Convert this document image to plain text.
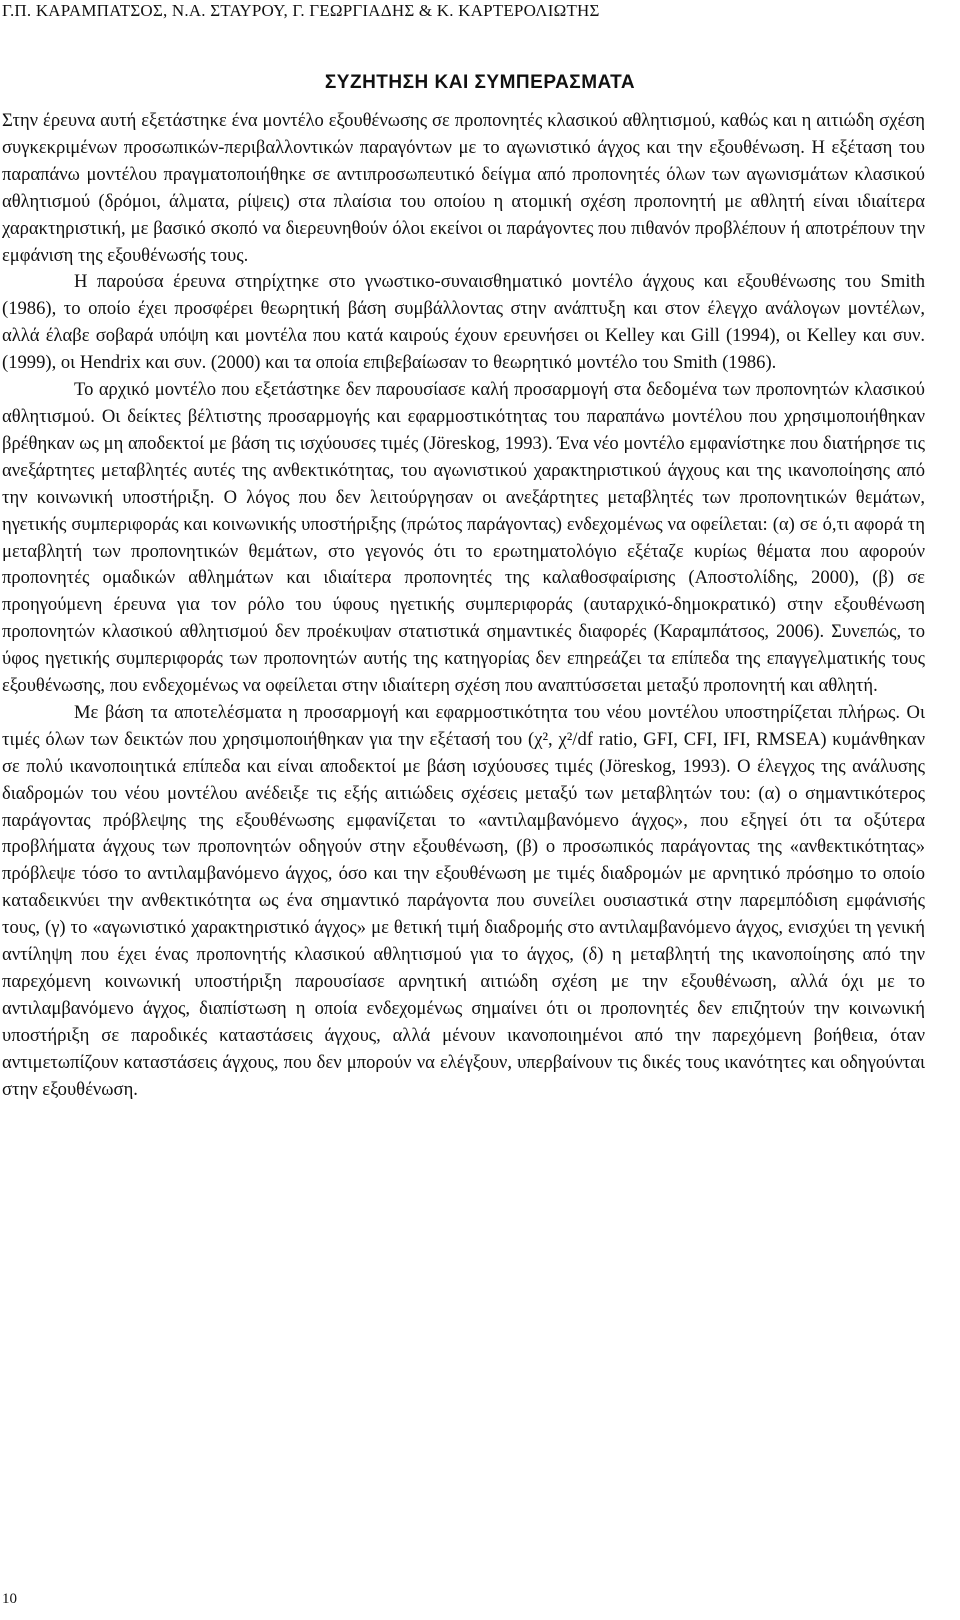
Γ.Π. ΚΑΡΑΜΠΑΤΣΟΣ, Ν.Α. ΣΤΑΥΡΟΥ, Γ. ΓΕΩΡΓΙΑΔΗΣ & Κ. ΚΑΡΤΕΡΟΛΙΩΤΗΣ
ΣΥΖΗΤΗΣΗ ΚΑΙ ΣΥΜΠΕΡΑΣΜΑΤΑ

Στην έρευνα αυτή εξετάστηκε ένα μοντέλο εξουθένωσης σε προπονητές κλασικού αθλητισμού, καθώς και η αιτιώδη σχέση συγκεκριμένων προσωπικών-περιβαλλοντικών παραγόντων με το αγωνιστικό άγχος και την εξουθένωση. Η εξέταση του παραπάνω μοντέλου πραγματοποιήθηκε σε αντιπροσωπευτικό δείγμα από προπονητές όλων των αγωνισμάτων κλασικού αθλητισμού (δρόμοι, άλματα, ρίψεις) στα πλαίσια του οποίου η ατομική σχέση προπονητή με αθλητή είναι ιδιαίτερα χαρακτηριστική, με βασικό σκοπό να διερευνηθούν όλοι εκείνοι οι παράγοντες που πιθανόν προβλέπουν ή αποτρέπουν την εμφάνιση της εξουθένωσής τους.

Η παρούσα έρευνα στηρίχτηκε στο γνωστικο-συναισθηματικό μοντέλο άγχους και εξουθένωσης του Smith (1986), το οποίο έχει προσφέρει θεωρητική βάση συμβάλλοντας στην ανάπτυξη και στον έλεγχο ανάλογων μοντέλων, αλλά έλαβε σοβαρά υπόψη και μοντέλα που κατά καιρούς έχουν ερευνήσει οι Kelley και Gill (1994), οι Kelley και συν. (1999), οι Hendrix και συν. (2000) και τα οποία επιβεβαίωσαν το θεωρητικό μοντέλο του Smith (1986).

Το αρχικό μοντέλο που εξετάστηκε δεν παρουσίασε καλή προσαρμογή στα δεδομένα των προπονητών κλασικού αθλητισμού. Οι δείκτες βέλτιστης προσαρμογής και εφαρμοστικότητας του παραπάνω μοντέλου που χρησιμοποιήθηκαν βρέθηκαν ως μη αποδεκτοί με βάση τις ισχύουσες τιμές (Jöreskog, 1993). Ένα νέο μοντέλο εμφανίστηκε που διατήρησε τις ανεξάρτητες μεταβλητές αυτές της ανθεκτικότητας, του αγωνιστικού χαρακτηριστικού άγχους και της ικανοποίησης από την κοινωνική υποστήριξη. Ο λόγος που δεν λειτούργησαν οι ανεξάρτητες μεταβλητές των προπονητικών θεμάτων, ηγετικής συμπεριφοράς και κοινωνικής υποστήριξης (πρώτος παράγοντας) ενδεχομένως να οφείλεται: (α) σε ό,τι αφορά τη μεταβλητή των προπονητικών θεμάτων, στο γεγονός ότι το ερωτηματολόγιο εξέταζε κυρίως θέματα που αφορούν προπονητές ομαδικών αθλημάτων και ιδιαίτερα προπονητές της καλαθοσφαίρισης (Αποστολίδης, 2000), (β) σε προηγούμενη έρευνα για τον ρόλο του ύφους ηγετικής συμπεριφοράς (αυταρχικό-δημοκρατικό) στην εξουθένωση προπονητών κλασικού αθλητισμού δεν προέκυψαν στατιστικά σημαντικές διαφορές (Καραμπάτσος, 2006). Συνεπώς, το ύφος ηγετικής συμπεριφοράς των προπονητών αυτής της κατηγορίας δεν επηρεάζει τα επίπεδα της επαγγελματικής τους εξουθένωσης, που ενδεχομένως να οφείλεται στην ιδιαίτερη σχέση που αναπτύσσεται μεταξύ προπονητή και αθλητή.

Με βάση τα αποτελέσματα η προσαρμογή και εφαρμοστικότητα του νέου μοντέλου υποστηρίζεται πλήρως. Οι τιμές όλων των δεικτών που χρησιμοποιήθηκαν για την εξέτασή του (χ², χ²/df ratio, GFI, CFI, IFI, RMSEA) κυμάνθηκαν σε πολύ ικανοποιητικά επίπεδα και είναι αποδεκτοί με βάση ισχύουσες τιμές (Jöreskog, 1993). Ο έλεγχος της ανάλυσης διαδρομών του νέου μοντέλου ανέδειξε τις εξής αιτιώδεις σχέσεις μεταξύ των μεταβλητών του: (α) ο σημαντικότερος παράγοντας πρόβλεψης της εξουθένωσης εμφανίζεται το «αντιλαμβανόμενο άγχος», που εξηγεί ότι τα οξύτερα προβλήματα άγχους των προπονητών οδηγούν στην εξουθένωση, (β) ο προσωπικός παράγοντας της «ανθεκτικότητας» πρόβλεψε τόσο το αντιλαμβανόμενο άγχος, όσο και την εξουθένωση με τιμές διαδρομών με αρνητικό πρόσημο το οποίο καταδεικνύει την ανθεκτικότητα ως ένα σημαντικό παράγοντα που συνείλει ουσιαστικά στην παρεμπόδιση εμφάνισής τους, (γ) το «αγωνιστικό χαρακτηριστικό άγχος» με θετική τιμή διαδρομής στο αντιλαμβανόμενο άγχος, ενισχύει τη γενική αντίληψη που έχει ένας προπονητής κλασικού αθλητισμού για το άγχος, (δ) η μεταβλητή της ικανοποίησης από την παρεχόμενη κοινωνική υποστήριξη παρουσίασε αρνητική αιτιώδη σχέση με την εξουθένωση, αλλά όχι με το αντιλαμβανόμενο άγχος, διαπίστωση η οποία ενδεχομένως σημαίνει ότι οι προπονητές δεν επιζητούν την κοινωνική υποστήριξη σε παροδικές καταστάσεις άγχους, αλλά μένουν ικανοποιημένοι από την παρεχόμενη βοήθεια, όταν αντιμετωπίζουν καταστάσεις άγχους, που δεν μπορούν να ελέγξουν, υπερβαίνουν τις δικές τους ικανότητες και οδηγούνται στην εξουθένωση.

10
